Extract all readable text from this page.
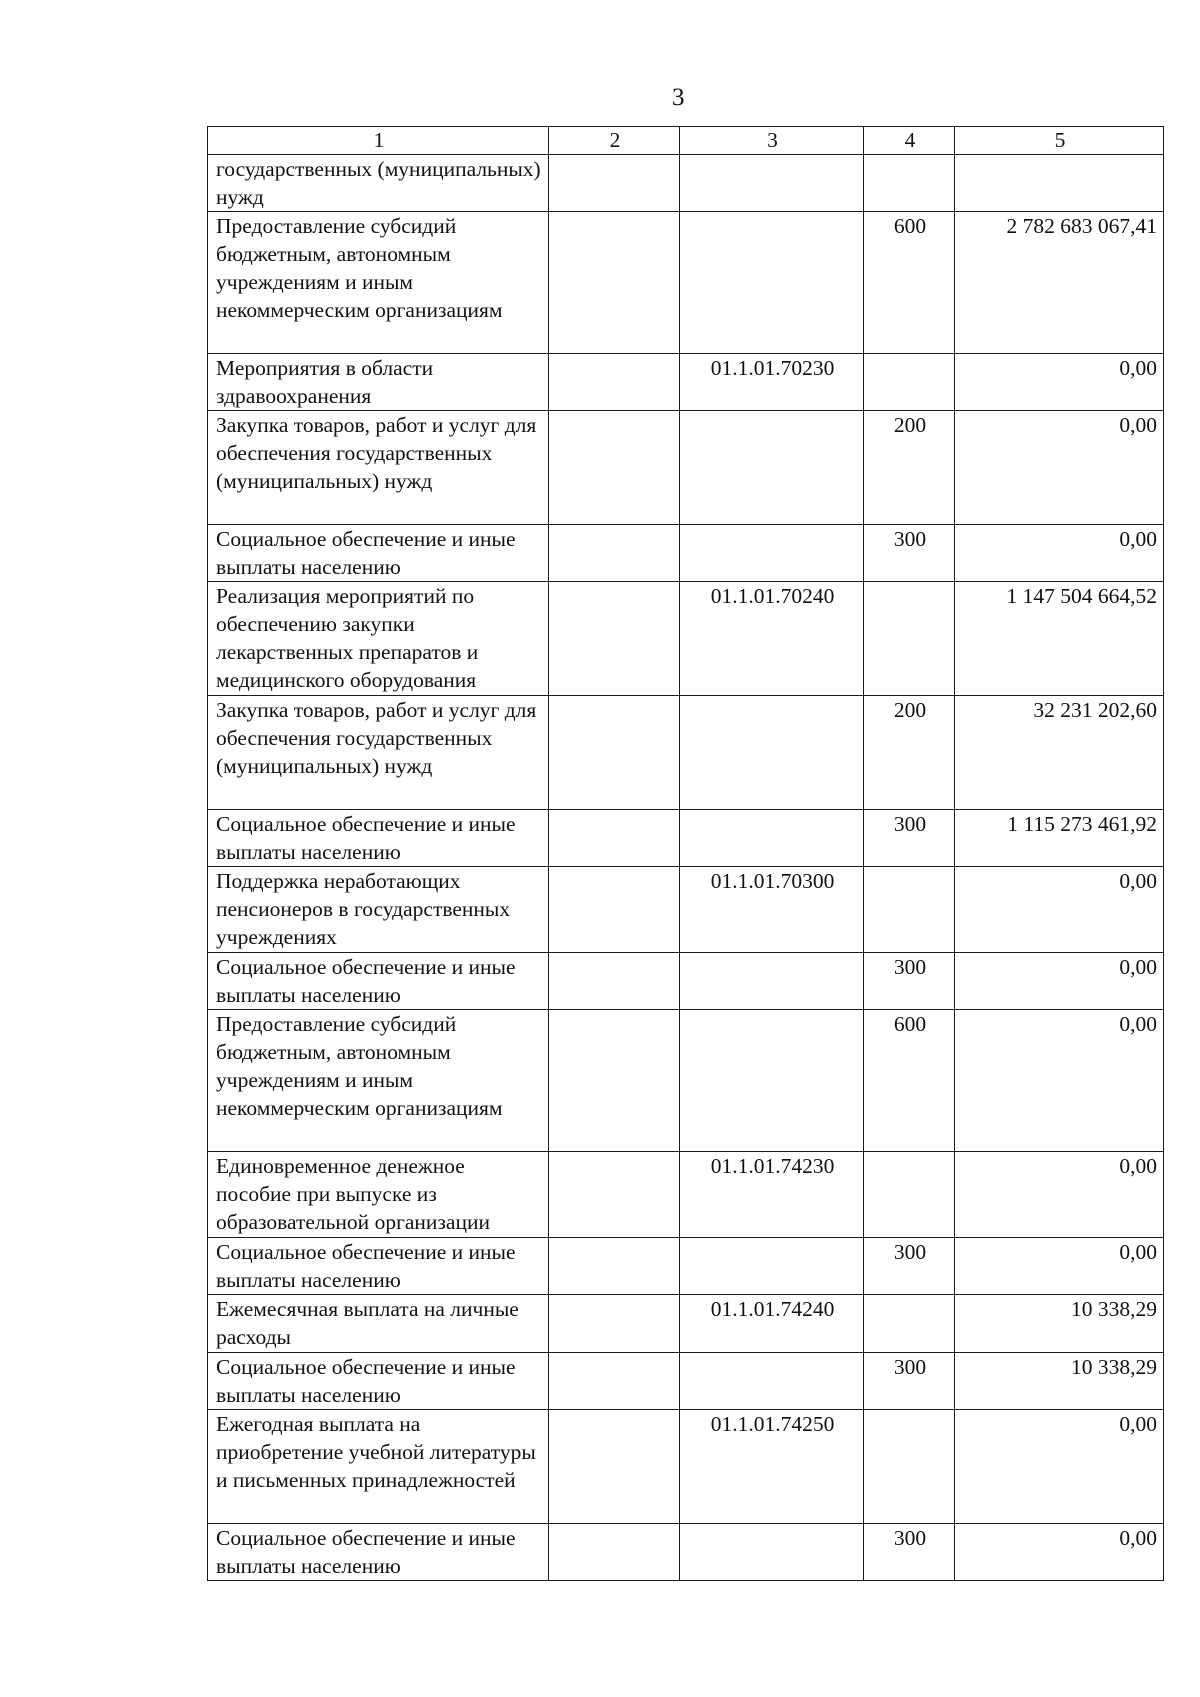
3
1	2	3	4	5
государственных (муниципальных) нужд				
Предоставление субсидий бюджетным, автономным учреждениям и иным некоммерческим организациям			600	2 782 683 067,41
Мероприятия в области здравоохранения		01.1.01.70230		0,00
Закупка товаров, работ и услуг для обеспечения государственных (муниципальных) нужд			200	0,00
Социальное обеспечение и иные выплаты населению			300	0,00
Реализация мероприятий по обеспечению закупки лекарственных препаратов и медицинского оборудования		01.1.01.70240		1 147 504 664,52
Закупка товаров, работ и услуг для обеспечения государственных (муниципальных) нужд			200	32 231 202,60
Социальное обеспечение и иные выплаты населению			300	1 115 273 461,92
Поддержка неработающих пенсионеров в государственных учреждениях		01.1.01.70300		0,00
Социальное обеспечение и иные выплаты населению			300	0,00
Предоставление субсидий бюджетным, автономным учреждениям и иным некоммерческим организациям			600	0,00
Единовременное денежное пособие при выпуске из образовательной организации		01.1.01.74230		0,00
Социальное обеспечение и иные выплаты населению			300	0,00
Ежемесячная выплата на личные расходы		01.1.01.74240		10 338,29
Социальное обеспечение и иные выплаты населению			300	10 338,29
Ежегодная выплата на приобретение учебной литературы и письменных принадлежностей		01.1.01.74250		0,00
Социальное обеспечение и иные выплаты населению			300	0,00
